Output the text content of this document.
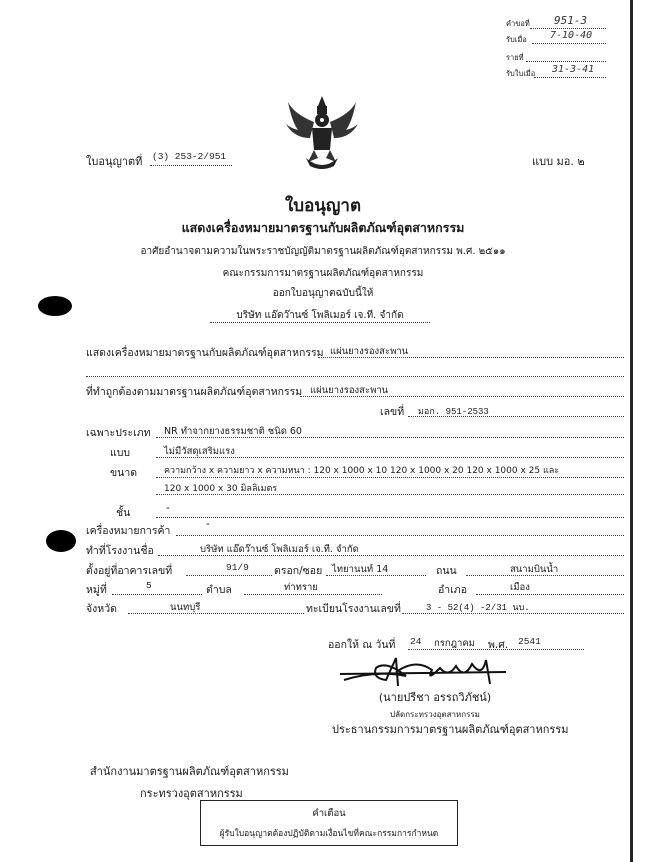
คำขอที่ 951-3
รับเมื่อ 7-10-40
รายที่
รับใบเมื่อ 31-3-41
ใบอนุญาตที่ (3) 253-2/951	แบบ มอ. ๒
ใบอนุญาต
แสดงเครื่องหมายมาตรฐานกับผลิตภัณฑ์อุตสาหกรรม
อาศัยอำนาจตามความในพระราชบัญญัติมาตรฐานผลิตภัณฑ์อุตสาหกรรม พ.ศ. ๒๕๑๑
คณะกรรมการมาตรฐานผลิตภัณฑ์อุตสาหกรรม
ออกใบอนุญาตฉบับนี้ให้
บริษัท แอ๊ดว๊านซ์ โพลิเมอร์ เจ.ที. จำกัด
แสดงเครื่องหมายมาตรฐานกับผลิตภัณฑ์อุตสาหกรรม แผ่นยางรองสะพาน
ที่ทำถูกต้องตามมาตรฐานผลิตภัณฑ์อุตสาหกรรม แผ่นยางรองสะพาน
เลขที่ มอก. 951-2533
เฉพาะประเภท NR ทำจากยางธรรมชาติ ชนิด 60
แบบ	ไม่มีวัสดุเสริมแรง
ขนาด	ความกว้าง x ความยาว x ความหนา : 120 x 1000 x 10 120 x 1000 x 20 120 x 1000 x 25 และ
120 x 1000 x 30 มิลลิเมตร
ชั้น	-
เครื่องหมายการค้า
-
ทำที่โรงงานชื่อ	บริษัท แอ๊ดว๊านซ์ โพลิเมอร์ เจ.ที. จำกัด
ตั้งอยู่ที่อาคารเลขที่	91/9 ตรอก/ซอย ไทยานนท์ 14	ถนน	สนามบินน้ำ
หมู่ที่	5	ตำบล	ท่าทราย	อำเภอ	เมือง
จังหวัด	นนทบุรี	ทะเบียนโรงงานเลขที่	3 - 52(4) -2/31 นบ.
ออกให้ ณ วันที่ 24 กรกฎาคม พ.ศ. 2541
(นายปรีชา อรรถวิภัชน์)
ปลัดกระทรวงอุตสาหกรรม
ประธานกรรมการมาตรฐานผลิตภัณฑ์อุตสาหกรรม
สำนักงานมาตรฐานผลิตภัณฑ์อุตสาหกรรม
กระทรวงอุตสาหกรรม
คำเตือน
ผู้รับใบอนุญาตต้องปฏิบัติตามเงื่อนไขที่คณะกรรมการกำหนด
